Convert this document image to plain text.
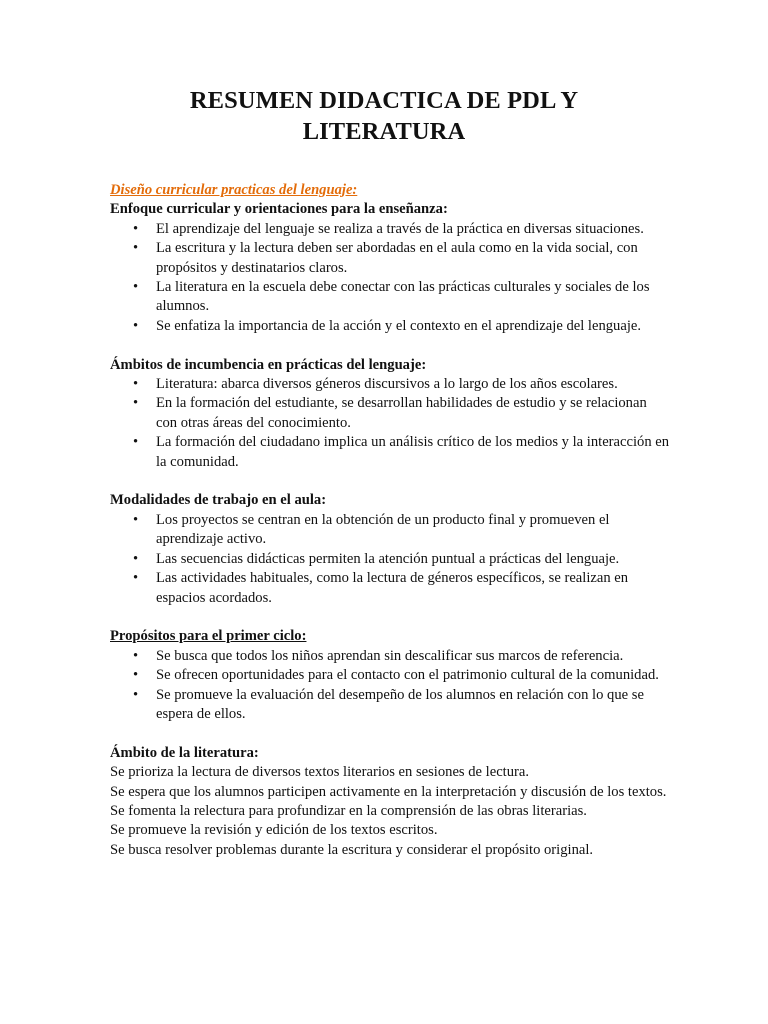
RESUMEN DIDACTICA DE PDL Y LITERATURA

Diseño curricular practicas del lenguaje:

Enfoque curricular y orientaciones para la enseñanza:

• El aprendizaje del lenguaje se realiza a través de la práctica en diversas situaciones.
• La escritura y la lectura deben ser abordadas en el aula como en la vida social, con propósitos y destinatarios claros.
• La literatura en la escuela debe conectar con las prácticas culturales y sociales de los alumnos.
• Se enfatiza la importancia de la acción y el contexto en el aprendizaje del lenguaje.

Ámbitos de incumbencia en prácticas del lenguaje:

• Literatura: abarca diversos géneros discursivos a lo largo de los años escolares.
• En la formación del estudiante, se desarrollan habilidades de estudio y se relacionan con otras áreas del conocimiento.
• La formación del ciudadano implica un análisis crítico de los medios y la interacción en la comunidad.

Modalidades de trabajo en el aula:

• Los proyectos se centran en la obtención de un producto final y promueven el aprendizaje activo.
• Las secuencias didácticas permiten la atención puntual a prácticas del lenguaje.
• Las actividades habituales, como la lectura de géneros específicos, se realizan en espacios acordados.

Propósitos para el primer ciclo:

• Se busca que todos los niños aprendan sin descalificar sus marcos de referencia.
• Se ofrecen oportunidades para el contacto con el patrimonio cultural de la comunidad.
• Se promueve la evaluación del desempeño de los alumnos en relación con lo que se espera de ellos.

Ámbito de la literatura:

Se prioriza la lectura de diversos textos literarios en sesiones de lectura.

Se espera que los alumnos participen activamente en la interpretación y discusión de los textos.

Se fomenta la relectura para profundizar en la comprensión de las obras literarias.

Se promueve la revisión y edición de los textos escritos.

Se busca resolver problemas durante la escritura y considerar el propósito original.
